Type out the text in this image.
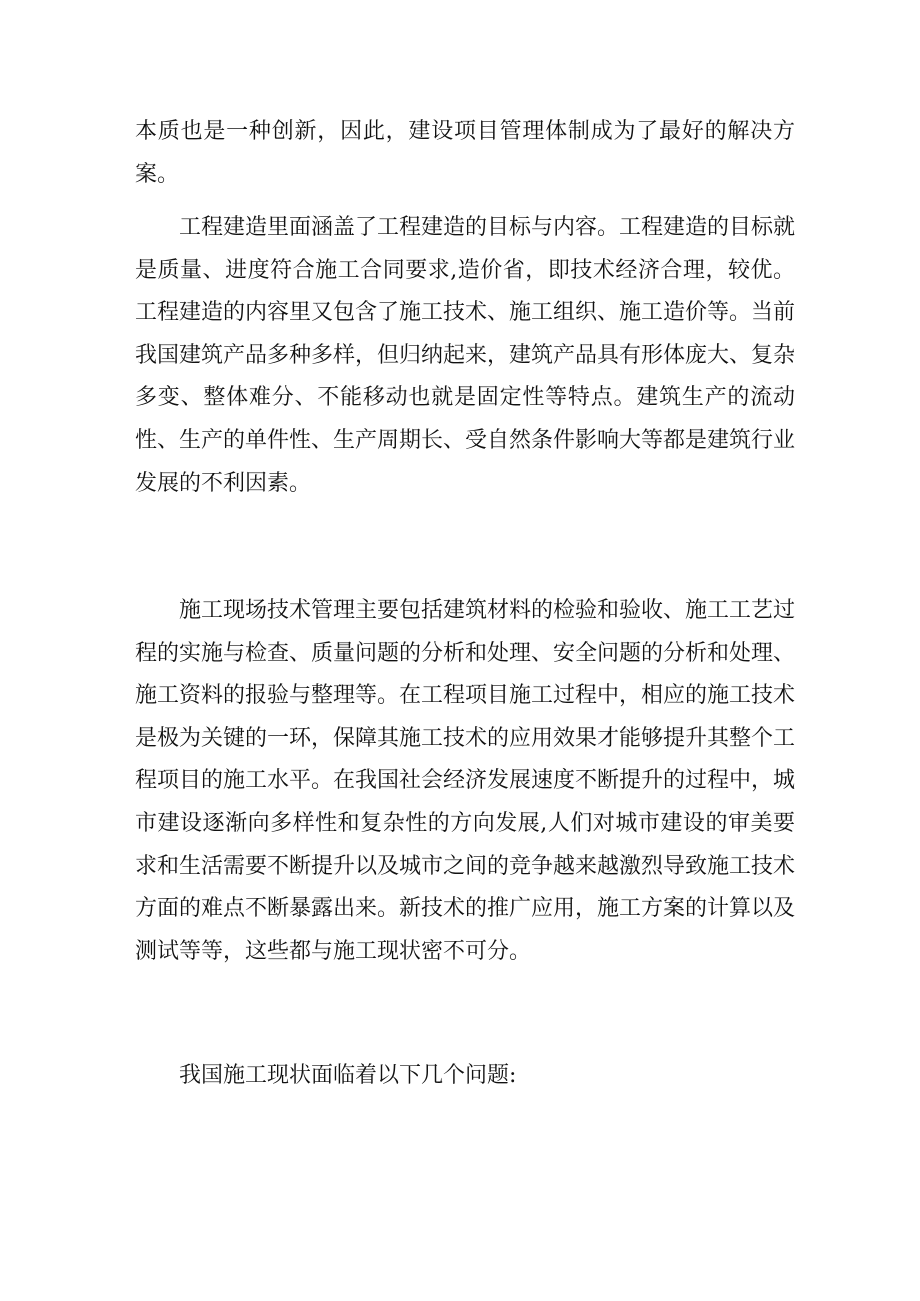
本质也是一种创新，因此，建设项目管理体制成为了最好的解决方案。

工程建造里面涵盖了工程建造的目标与内容。工程建造的目标就是质量、进度符合施工合同要求,造价省，即技术经济合理，较优。工程建造的内容里又包含了施工技术、施工组织、施工造价等。当前我国建筑产品多种多样，但归纳起来，建筑产品具有形体庞大、复杂多变、整体难分、不能移动也就是固定性等特点。建筑生产的流动性、生产的单件性、生产周期长、受自然条件影响大等都是建筑行业发展的不利因素。

施工现场技术管理主要包括建筑材料的检验和验收、施工工艺过程的实施与检查、质量问题的分析和处理、安全问题的分析和处理、施工资料的报验与整理等。在工程项目施工过程中，相应的施工技术是极为关键的一环，保障其施工技术的应用效果才能够提升其整个工程项目的施工水平。在我国社会经济发展速度不断提升的过程中，城市建设逐渐向多样性和复杂性的方向发展,人们对城市建设的审美要求和生活需要不断提升以及城市之间的竞争越来越激烈导致施工技术方面的难点不断暴露出来。新技术的推广应用，施工方案的计算以及测试等等，这些都与施工现状密不可分。

我国施工现状面临着以下几个问题:
